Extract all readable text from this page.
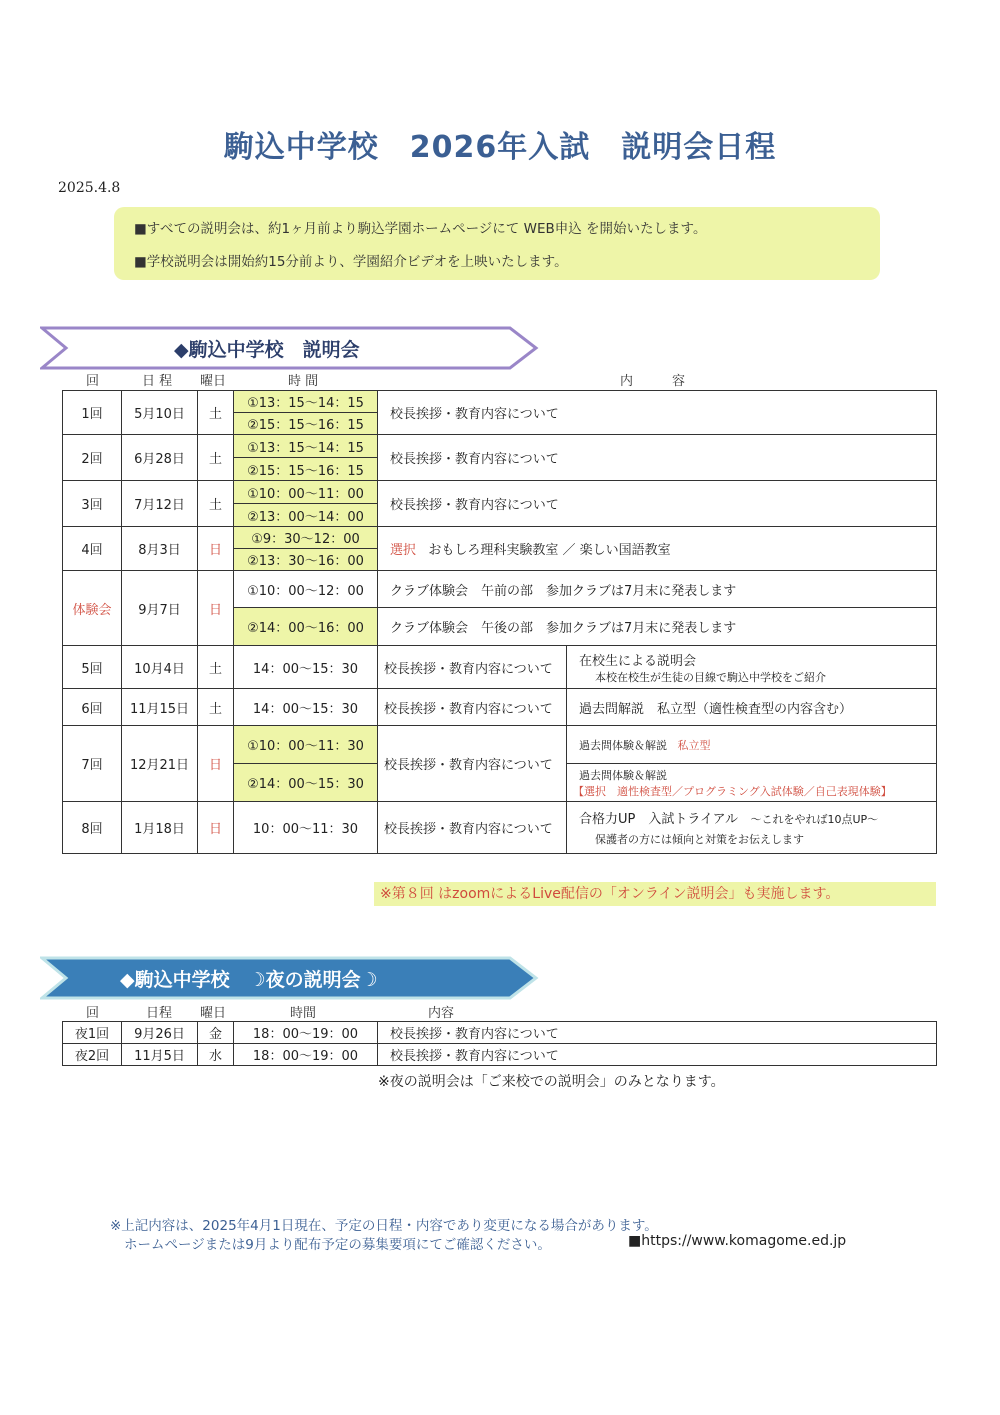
駒込中学校　2026年入試　説明会日程
2025.4.8
■すべての説明会は、約1ヶ月前より駒込学園ホームページにて WEB申込 を開始いたします。
■学校説明会は開始約15分前より、学園紹介ビデオを上映いたします。
◆駒込中学校　説明会
回	日 程 曜日	時 間	内　　　容
1回	5月10日	土	①13：15～14：15	校長挨拶・教育内容について	
			②15：15～16：15		
2回	6月28日	土	①13：15～14：15	校長挨拶・教育内容について	
			②15：15～16：15		
3回	7月12日	土	①10：00～11：00	校長挨拶・教育内容について	
			②13：00～14：00		
4回	8月3日	日	①9：30～12：00	選択 おもしろ理科実験教室 ／ 楽しい国語教室	
			②13：30～16：00		
体験会	9月7日	日	①10：00～12：00	クラブ体験会　午前の部　参加クラブは7月末に発表します	
			②14：00～16：00	クラブ体験会　午後の部　参加クラブは7月末に発表します	
5回	10月4日	土	14：00～15：30	校長挨拶・教育内容について	在校生による説明会
本校在校生が生徒の目線で駒込中学校をご紹介

6回	11月15日	土	14：00～15：30	校長挨拶・教育内容について	過去問解説　私立型（適性検査型の内容含む）
7回	12月21日	日	①10：00～11：30	校長挨拶・教育内容について	過去問体験＆解説 私立型
			②14：00～15：30		過去問体験＆解説
【選択　適性検査型／プログラミング入試体験／自己表現体験】

8回	1月18日	日	10：00～11：30	校長挨拶・教育内容について	合格力UP　入試トライアル ～これをやれば10点UP～
保護者の方には傾向と対策をお伝えします
※第８回 はzoomによるLive配信の「オンライン説明会」も実施します。
◆駒込中学校　☽夜の説明会☽
回	日程 曜日	時間	内容
夜1回	9月26日	金	18：00～19：00	校長挨拶・教育内容について
夜2回	11月5日	水	18：00～19：00	校長挨拶・教育内容について
※夜の説明会は「ご来校での説明会」のみとなります。
※上記内容は、2025年4月1日現在、予定の日程・内容であり変更になる場合があります。
ホームページまたは9月より配布予定の募集要項にてご確認ください。	■https://www.komagome.ed.jp
